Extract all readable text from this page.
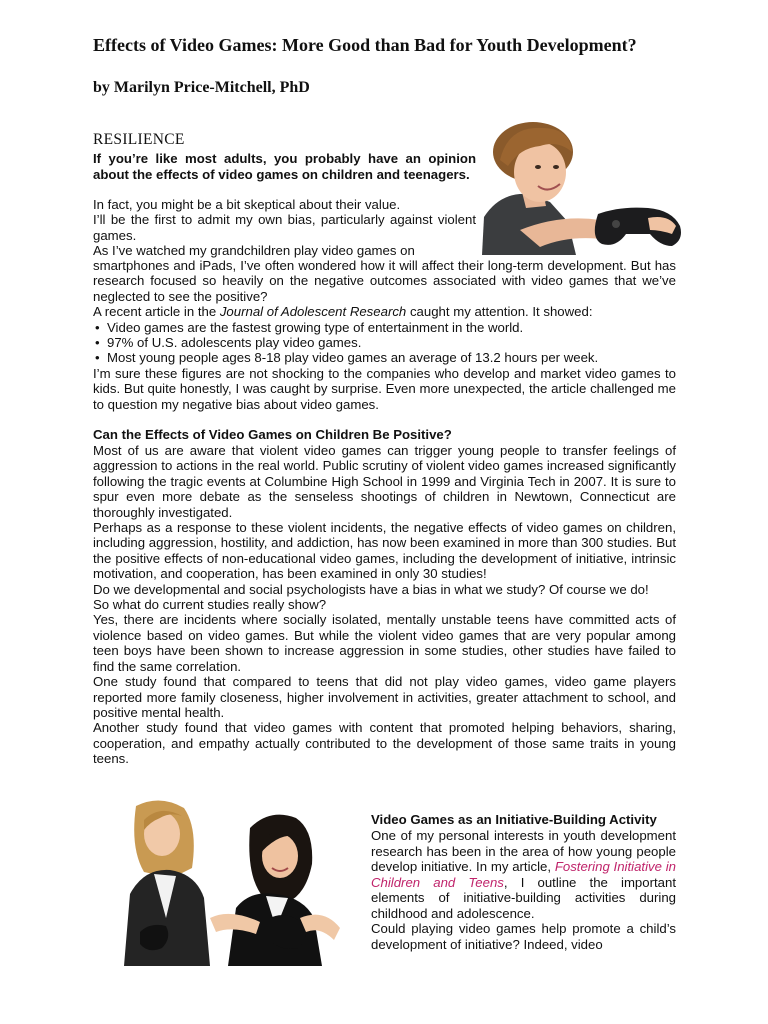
Effects of Video Games: More Good than Bad for Youth Development?
by Marilyn Price-Mitchell, PhD
RESILIENCE
If you’re like most adults, you probably have an opinion about the effects of video games on children and teenagers.
In fact, you might be a bit skeptical about their value.
I’ll be the first to admit my own bias, particularly against violent games.
As I’ve watched my grandchildren play video games on

smartphones and iPads, I’ve often wondered how it will affect their long-term development. But has research focused so heavily on the negative outcomes associated with video games that we’ve neglected to see the positive?

A recent article in the Journal of Adolescent Research caught my attention. It showed:

• Video games are the fastest growing type of entertainment in the world.
• 97% of U.S. adolescents play video games.
• Most young people ages 8-18 play video games an average of 13.2 hours per week.

I’m sure these figures are not shocking to the companies who develop and market video games to kids. But quite honestly, I was caught by surprise. Even more unexpected, the article challenged me to question my negative bias about video games.

Can the Effects of Video Games on Children Be Positive?

Most of us are aware that violent video games can trigger young people to transfer feelings of aggression to actions in the real world. Public scrutiny of violent video games increased significantly following the tragic events at Columbine High School in 1999 and Virginia Tech in 2007. It is sure to spur even more debate as the senseless shootings of children in Newtown, Connecticut are thoroughly investigated.

Perhaps as a response to these violent incidents, the negative effects of video games on children, including aggression, hostility, and addiction, has now been examined in more than 300 studies. But the positive effects of non-educational video games, including the development of initiative, intrinsic motivation, and cooperation, has been examined in only 30 studies!

Do we developmental and social psychologists have a bias in what we study? Of course we do!

So what do current studies really show?

Yes, there are incidents where socially isolated, mentally unstable teens have committed acts of violence based on video games. But while the violent video games that are very popular among teen boys have been shown to increase aggression in some studies, other studies have failed to find the same correlation.

One study found that compared to teens that did not play video games, video game players reported more family closeness, higher involvement in activities, greater attachment to school, and positive mental health.

Another study found that video games with content that promoted helping behaviors, sharing, cooperation, and empathy actually contributed to the development of those same traits in young teens.

Video Games as an Initiative-Building Activity

One of my personal interests in youth development research has been in the area of how young people develop initiative. In my article, Fostering Initiative in Children and Teens, I outline the important elements of initiative-building activities during childhood and adolescence.

Could playing video games help promote a child’s development of initiative? Indeed, video
